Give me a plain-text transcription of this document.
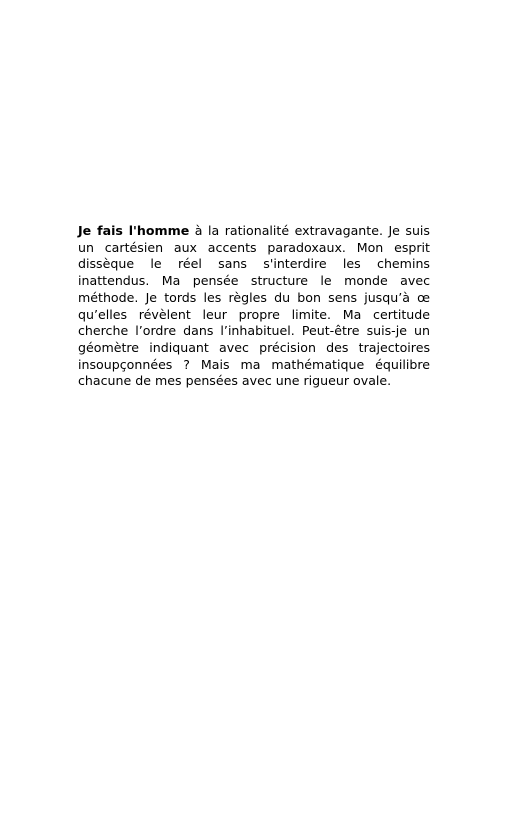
Je fais l'homme à la rationalité extravagante. Je suis un cartésien aux accents paradoxaux. Mon esprit dissèque le réel sans s'interdire les chemins inattendus. Ma pensée structure le monde avec méthode. Je tords les règles du bon sens jusqu’à œ qu’elles révèlent leur propre limite. Ma certitude cherche l’ordre dans l’inhabituel. Peut-être suis-je un géomètre indiquant avec précision des trajectoires insoupçonnées ? Mais ma mathématique équilibre chacune de mes pensées avec une rigueur ovale.
